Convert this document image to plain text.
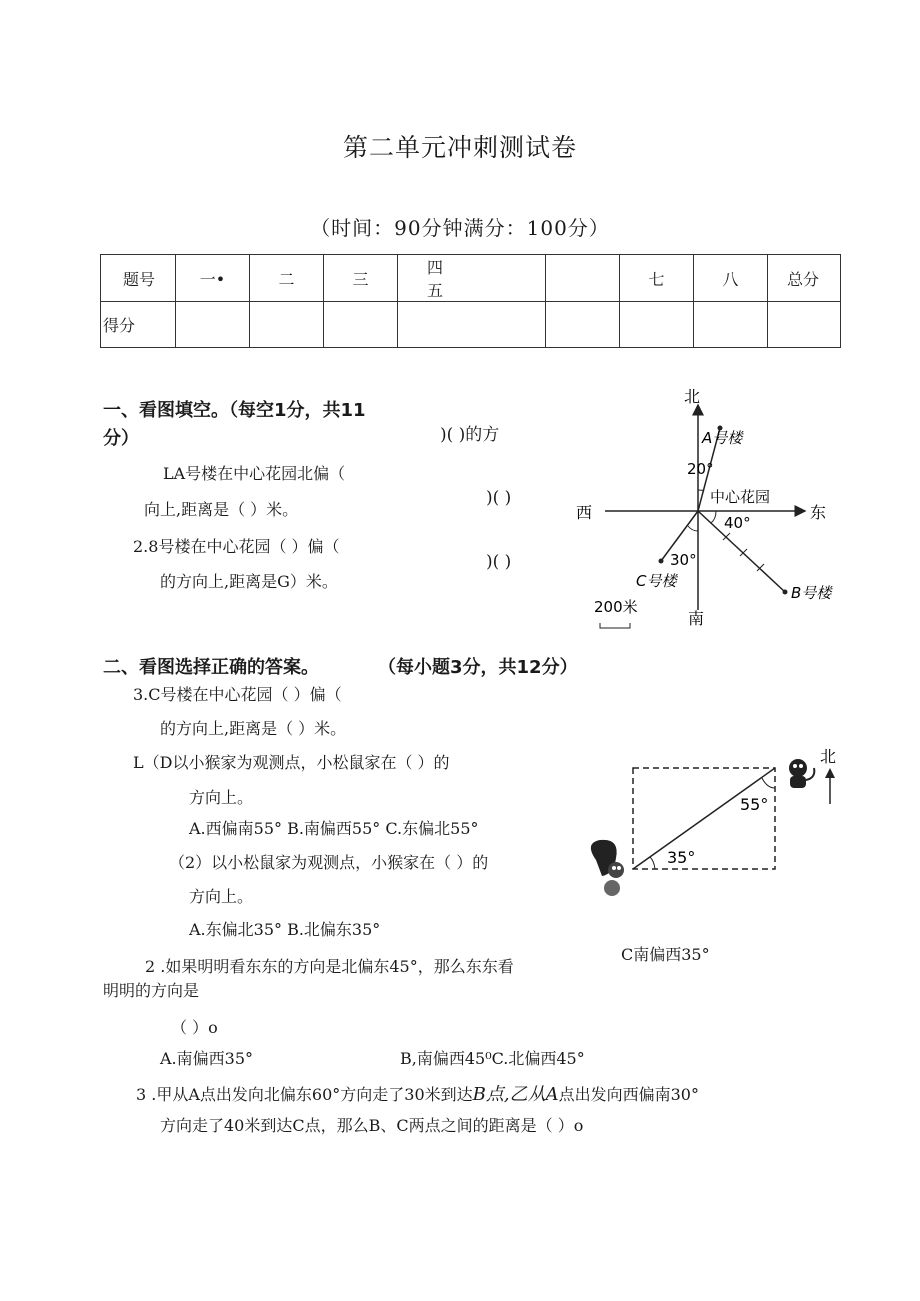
第二单元冲刺测试卷
（时间：90分钟满分：100分）
题号	一•	二	三	四五		七	八	总分
得分								
一、看图填空。（每空1分，共11
分）	)( )的方
LA号楼在中心花园北偏（
向上,距离是（ ）米。
)( )
2.8号楼在中心花园（ ）偏（
的方向上,距离是G）米。
)( )
北
南
东
西
中心花园
A号楼
B号楼
C号楼
20°
40°
30°
200米
二、看图选择正确的答案。	（每小题3分，共12分）
3.C号楼在中心花园（ ）偏（
的方向上,距离是（ ）米。
L（D以小猴家为观测点，小松鼠家在（ ）的
方向上。
A.西偏南55° B.南偏西55° C.东偏北55°
（2）以小松鼠家为观测点，小猴家在（ ）的
方向上。
A.东偏北35° B.北偏东35°
C南偏西35°
55°
35°
北
2 .如果明明看东东的方向是北偏东45°，那么东东看
明明的方向是
（ ）o
A.南偏西35°	B,南偏西45⁰C.北偏西45°
3 .甲从A点出发向北偏东60°方向走了30米到达B点,乙从A点出发向西偏南30°
方向走了40米到达C点，那么B、C两点之间的距离是（ ）o
